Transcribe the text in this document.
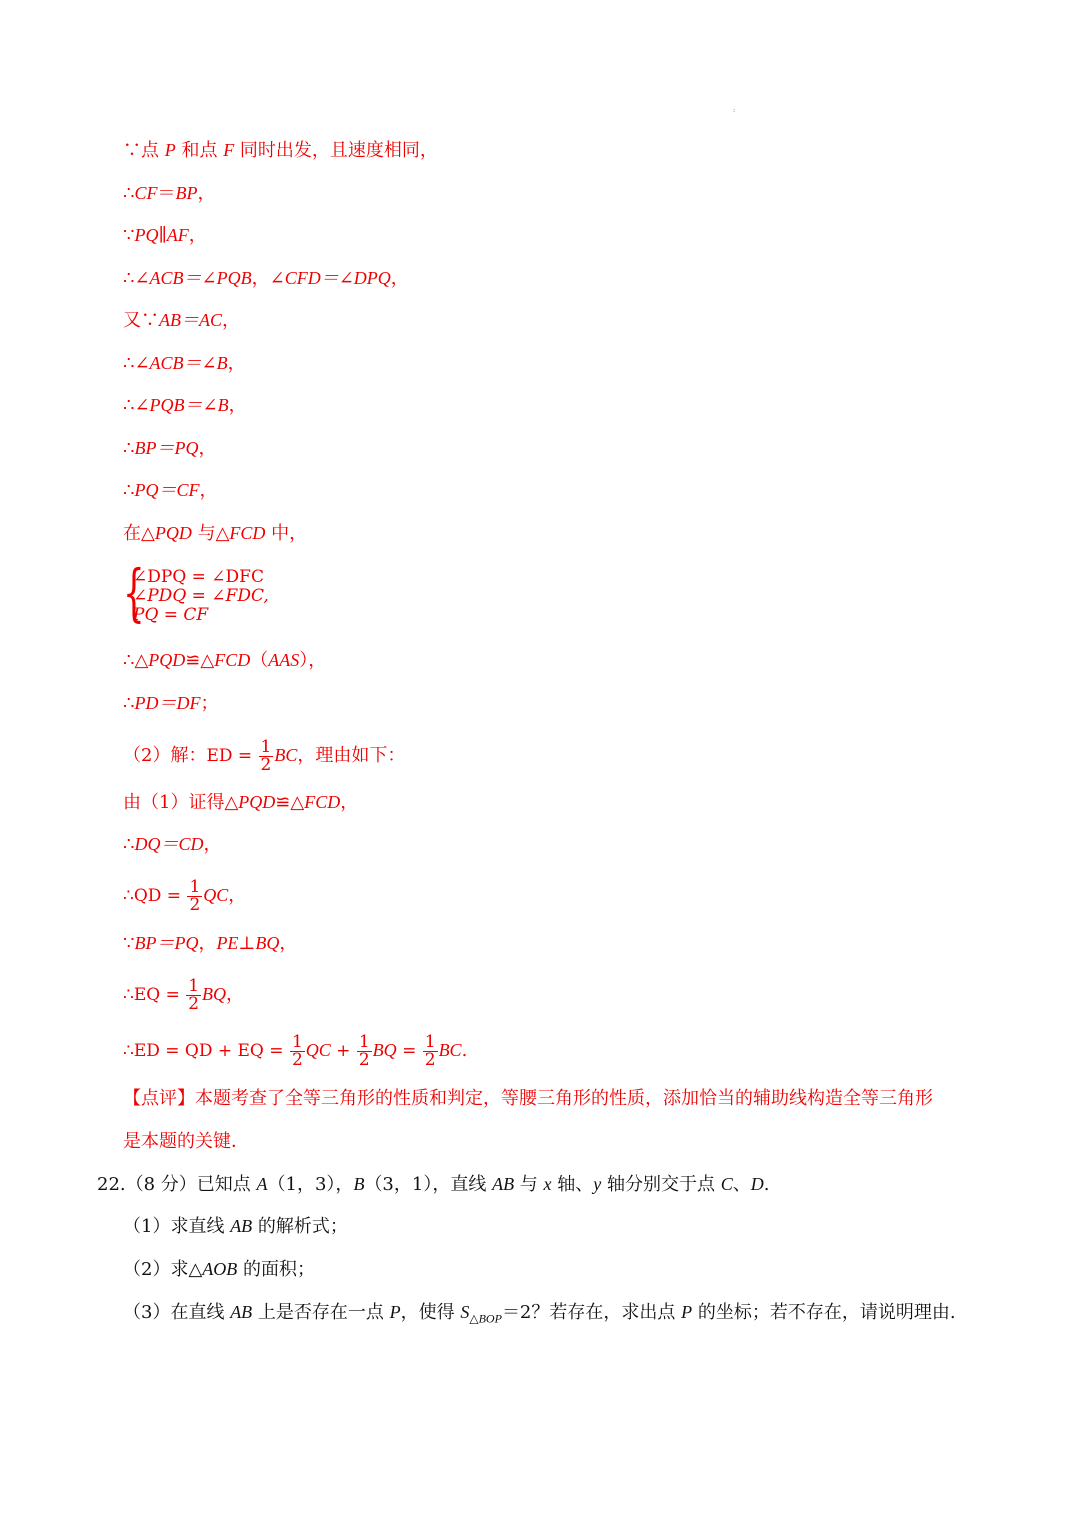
:
∵点 P 和点 F 同时出发，且速度相同，
∴CF＝BP，
∵PQ∥AF，
∴∠ACB＝∠PQB，∠CFD＝∠DPQ，
又∵AB＝AC，
∴∠ACB＝∠B，
∴∠PQB＝∠B，
∴BP＝PQ，
∴PQ＝CF，
在△PQD 与△FCD 中，
{
∠DPQ = ∠DFC
∠PDQ = ∠FDC,
PQ = CF
∴△PQD≌△FCD（AAS），
∴PD＝DF；
（2）解：ED = $\frac{1}{2}$ BC，理由如下：
由（1）证得△PQD≌△FCD，
∴DQ＝CD，
∴QD = $\frac{1}{2}$ QC，
∵BP＝PQ，PE⊥BQ，
∴EQ = $\frac{1}{2}$ BQ，
∴ED = QD + EQ = $\frac{1}{2}$ QC + $\frac{1}{2}$ BQ = $\frac{1}{2}$ BC.
【点评】本题考查了全等三角形的性质和判定，等腰三角形的性质，添加恰当的辅助线构造全等三角形
是本题的关键．
22.（8 分）已知点 A（1，3），B（3，1），直线 AB 与 x 轴、y 轴分别交于点 C、D.
（1）求直线 AB 的解析式；
（2）求△AOB 的面积；
（3）在直线 AB 上是否存在一点 P，使得 $S_{\triangle BOP}=2$？若存在，求出点 P 的坐标；若不存在，请说明理由.
